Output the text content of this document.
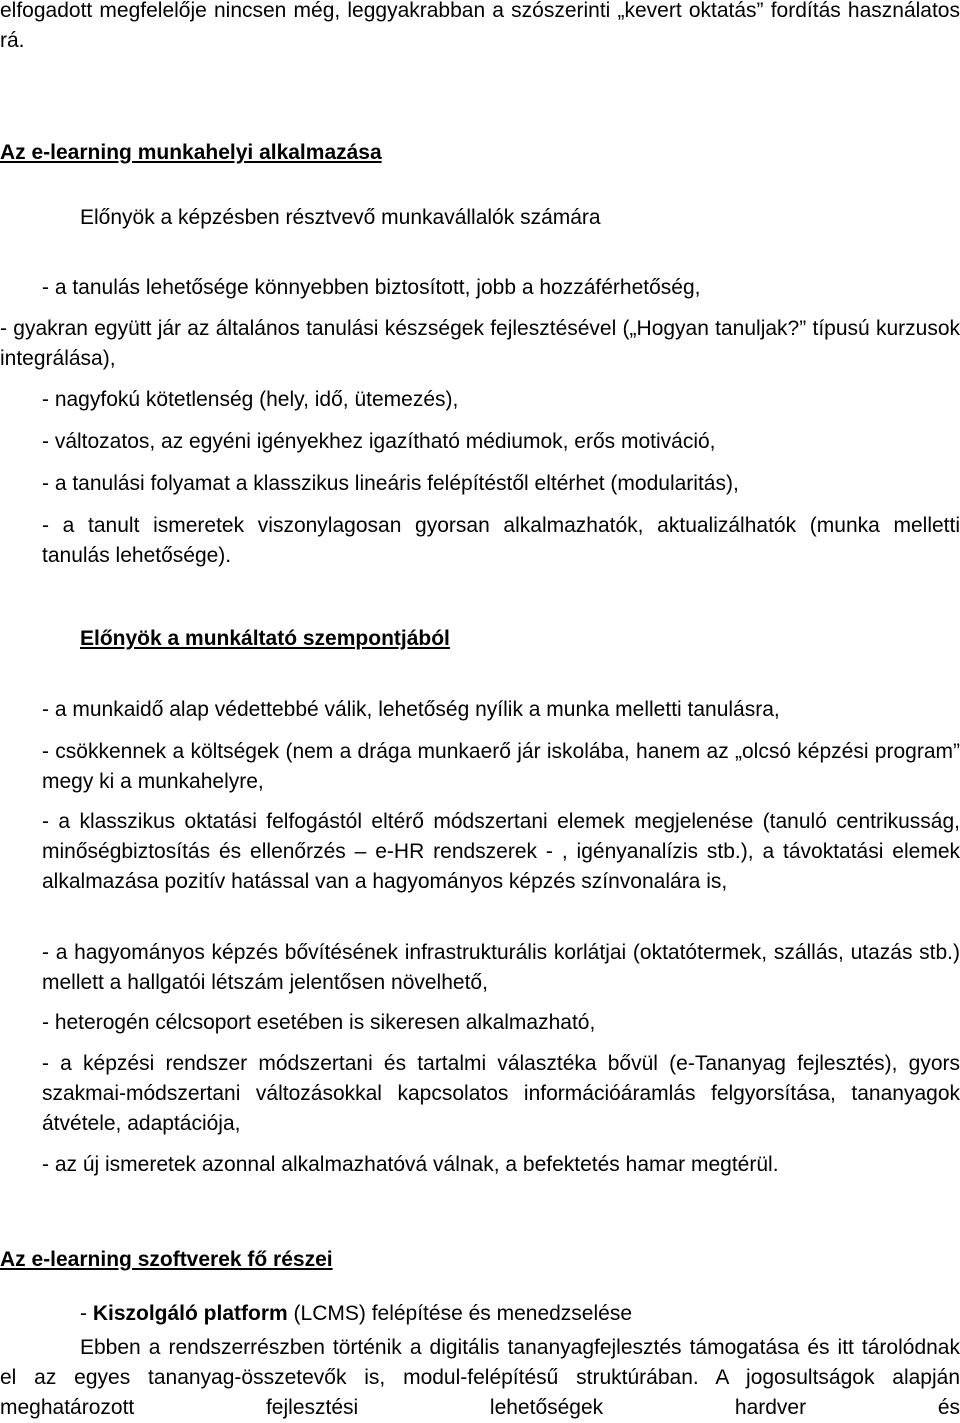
elfogadott megfelelője nincsen még, leggyakrabban a szószerinti „kevert oktatás” fordítás használatos rá.

Az e-learning munkahelyi alkalmazása

Előnyök a képzésben résztvevő munkavállalók számára

- a tanulás lehetősége könnyebben biztosított, jobb a hozzáférhetőség,

- gyakran együtt jár az általános tanulási készségek fejlesztésével („Hogyan tanuljak?” típusú kurzusok integrálása),

- nagyfokú kötetlenség (hely, idő, ütemezés),

- változatos, az egyéni igényekhez igazítható médiumok, erős motiváció,

- a tanulási folyamat a klasszikus lineáris felépítéstől eltérhet (modularitás),

- a tanult ismeretek viszonylagosan gyorsan alkalmazhatók, aktualizálhatók (munka melletti tanulás lehetősége).

Előnyök a munkáltató szempontjából

- a munkaidő alap védettebbé válik, lehetőség nyílik a munka melletti tanulásra,

- csökkennek a költségek (nem a drága munkaerő jár iskolába, hanem az „olcsó képzési program” megy ki a munkahelyre,

- a klasszikus oktatási felfogástól eltérő módszertani elemek megjelenése (tanuló centrikusság, minőségbiztosítás és ellenőrzés – e-HR rendszerek - , igényanalízis stb.), a távoktatási elemek alkalmazása pozitív hatással van a hagyományos képzés színvonalára is,

- a hagyományos képzés bővítésének infrastrukturális korlátjai (oktatótermek, szállás, utazás stb.) mellett a hallgatói létszám jelentősen növelhető,

- heterogén célcsoport esetében is sikeresen alkalmazható,

- a képzési rendszer módszertani és tartalmi választéka bővül (e-Tananyag fejlesztés), gyors szakmai-módszertani változásokkal kapcsolatos információáramlás felgyorsítása, tananyagok átvétele, adaptációja,

- az új ismeretek azonnal alkalmazhatóvá válnak, a befektetés hamar megtérül.

Az e-learning szoftverek fő részei

- Kiszolgáló platform (LCMS) felépítése és menedzselése

Ebben a rendszerrészben történik a digitális tananyagfejlesztés támogatása és itt tárolódnak el az egyes tananyag-összetevők is, modul-felépítésű struktúrában. A jogosultságok alapján meghatározott fejlesztési lehetőségek hardver és
